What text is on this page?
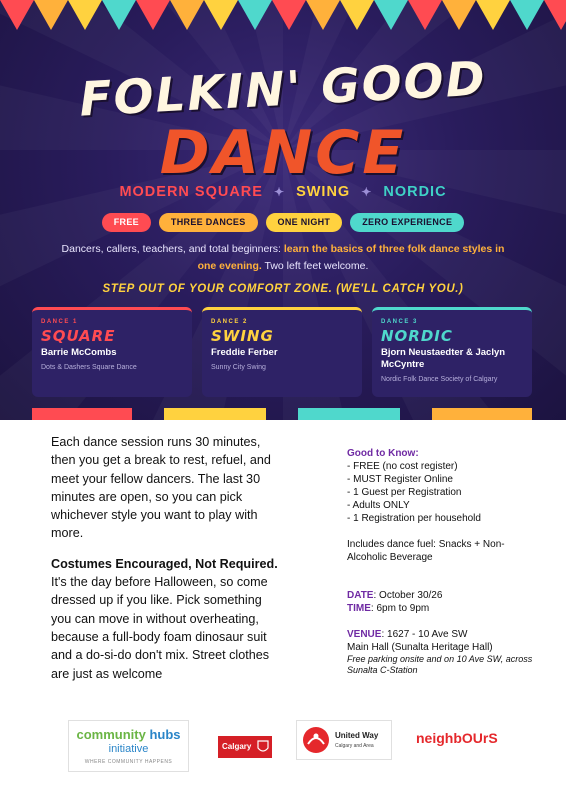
FOLKIN' GOOD
DANCE
MODERN SQUARE ✦ SWING ✦ NORDIC
FREE	THREE DANCES	ONE NIGHT	ZERO EXPERIENCE
Dancers, callers, teachers, and total beginners: learn the basics of three folk dance styles in one evening. Two left feet welcome.
STEP OUT OF YOUR COMFORT ZONE. (WE'LL CATCH YOU.)
DANCE 1
SQUARE
Barrie McCombs
Dots & Dashers Square Dance
DANCE 2
SWING
Freddie Ferber
Sunny City Swing
DANCE 3
NORDIC
Bjorn Neustaedter & Jaclyn McCyntre
Nordic Folk Dance Society of Calgary

Each dance session runs 30 minutes, then you get a break to rest, refuel, and meet your fellow dancers. The last 30 minutes are open, so you can pick whichever style you want to play with more.

Costumes Encouraged, Not Required. It's the day before Halloween, so come dressed up if you like. Pick something you can move in without overheating, because a full-body foam dinosaur suit and a do-si-do don't mix. Street clothes are just as welcome

Good to Know:
- FREE (no cost register)
- MUST Register Online
- 1 Guest per Registration
- Adults ONLY
- 1 Registration per household
Includes dance fuel: Snacks + Non-Alcoholic Beverage
DATE: October 30/26
TIME: 6pm to 9pm
VENUE: 1627 - 10 Ave SW
Main Hall (Sunalta Heritage Hall)
Free parking onsite and on 10 Ave SW, across Sunalta C-Station
community hubs
initiative
WHERE COMMUNITY HAPPENS
Calgary
United Way
Calgary and Area	neighbOUrS
